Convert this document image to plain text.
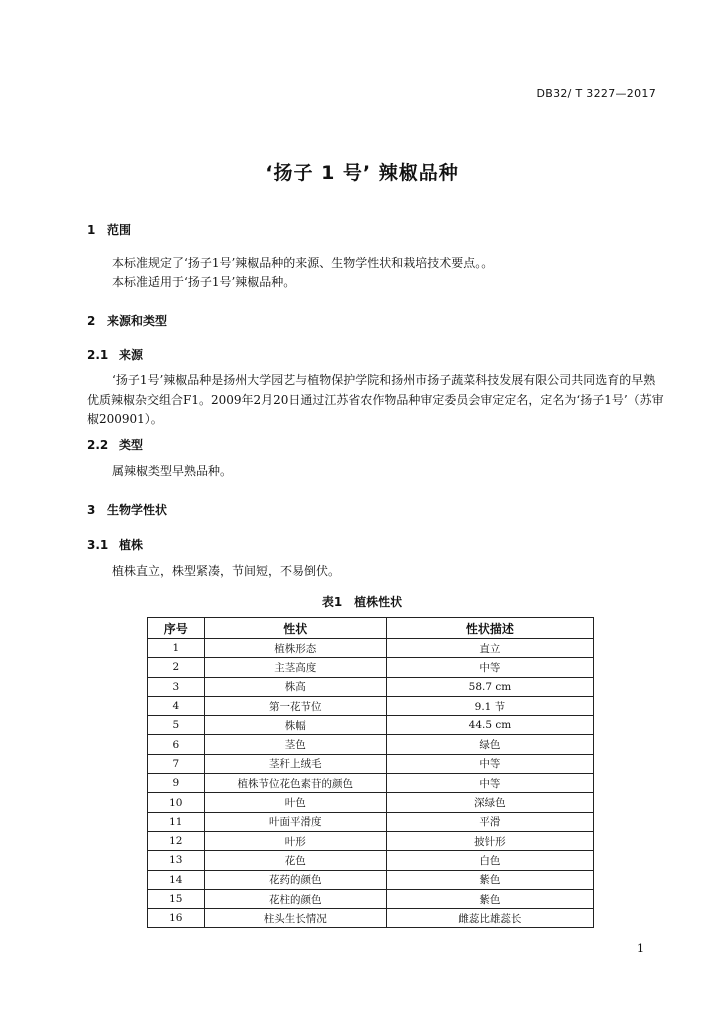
DB32/ T 3227—2017
‘扬子 1 号’ 辣椒品种
1 范围
本标准规定了‘扬子1号’辣椒品种的来源、生物学性状和栽培技术要点。。
本标准适用于‘扬子1号’辣椒品种。
2 来源和类型
2.1 来源
‘扬子1号’辣椒品种是扬州大学园艺与植物保护学院和扬州市扬子蔬菜科技发展有限公司共同选育的早熟优质辣椒杂交组合F1。2009年2月20日通过江苏省农作物品种审定委员会审定定名，定名为‘扬子1号’（苏审椒200901）。
2.2 类型
属辣椒类型早熟品种。
3 生物学性状
3.1 植株
植株直立，株型紧凑，节间短，不易倒伏。
表1　植株性状
序号	性状	性状描述
1	植株形态	直立
2	主茎高度	中等
3	株高	58.7 cm
4	第一花节位	9.1 节
5	株幅	44.5 cm
6	茎色	绿色
7	茎秆上绒毛	中等
9	植株节位花色素苷的颜色	中等
10	叶色	深绿色
11	叶面平滑度	平滑
12	叶形	披针形
13	花色	白色
14	花药的颜色	紫色
15	花柱的颜色	紫色
16	柱头生长情况	雌蕊比雄蕊长
1
